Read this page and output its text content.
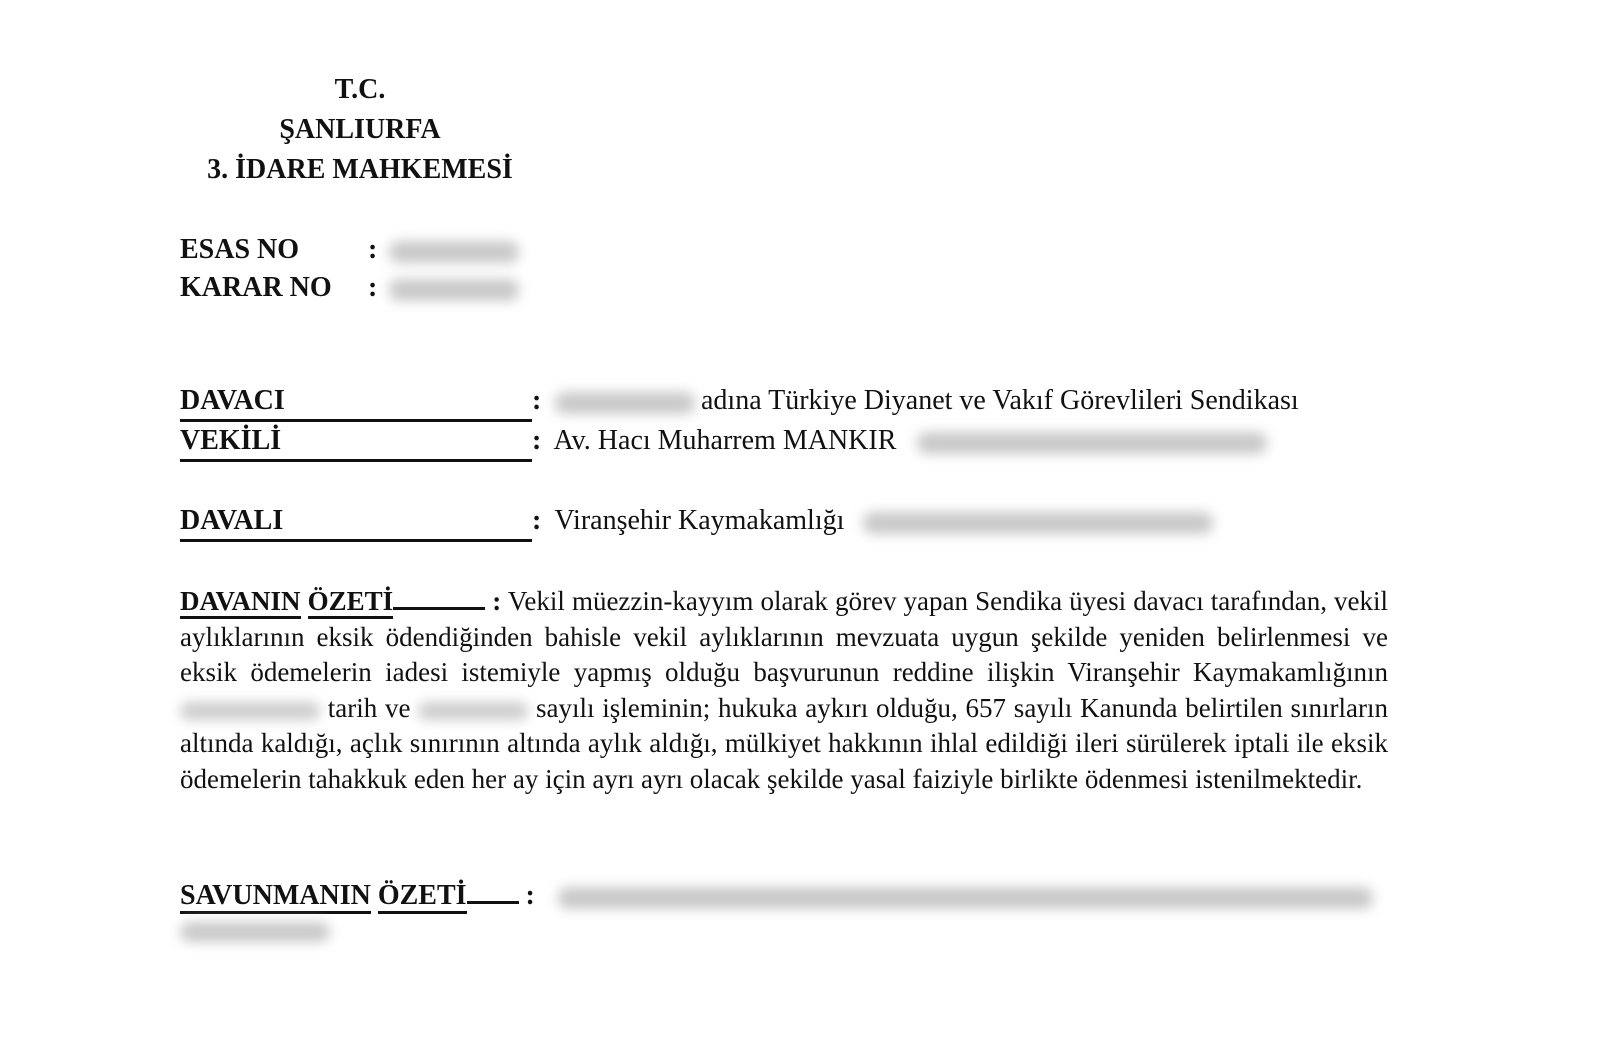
T.C.
ŞANLIURFA
3. İDARE MAHKEMESİ
ESAS NO :
KARAR NO :
DAVACI	:	adına Türkiye Diyanet ve Vakıf Görevlileri Sendikası
VEKİLİ	: Av. Hacı Muharrem MANKIR
DAVALI	: Viranşehir Kaymakamlığı
DAVANIN ÖZETİ	: Vekil müezzin-kayyım olarak görev yapan Sendika üyesi davacı tarafından, vekil aylıklarının eksik ödendiğinden bahisle vekil aylıklarının mevzuata uygun şekilde yeniden belirlenmesi ve eksik ödemelerin iadesi istemiyle yapmış olduğu başvurunun reddine ilişkin Viranşehir Kaymakamlığının  tarih ve	sayılı işleminin; hukuka aykırı olduğu, 657 sayılı Kanunda belirtilen sınırların altında kaldığı, açlık sınırının altında aylık aldığı, mülkiyet hakkının ihlal edildiği ileri sürülerek iptali ile eksik ödemelerin tahakkuk eden her ay için ayrı ayrı olacak şekilde yasal faiziyle birlikte ödenmesi istenilmektedir.
SAVUNMANIN ÖZETİ :
